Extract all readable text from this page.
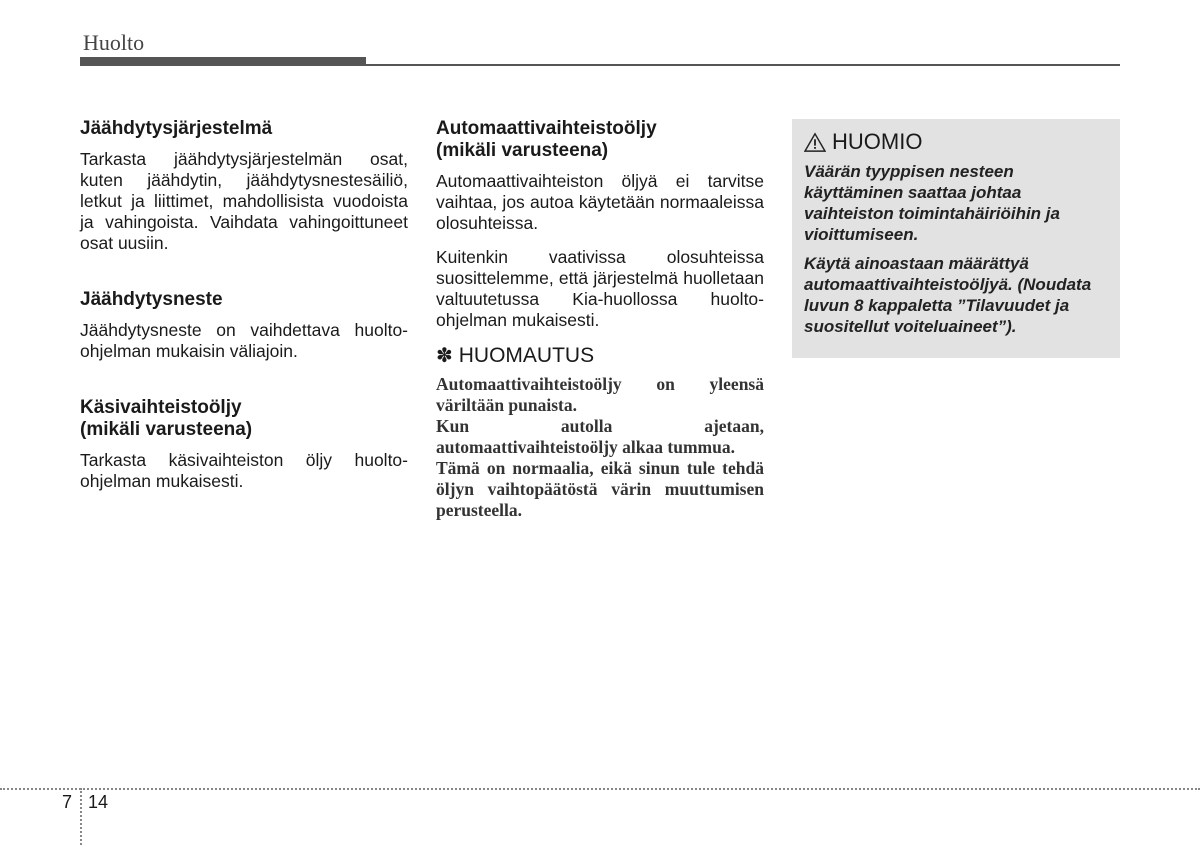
Huolto
Jäähdytysjärjestelmä

Tarkasta jäähdytysjärjestelmän osat, kuten jäähdytin, jäähdytysnestesäiliö, letkut ja liittimet, mahdollisista vuodoista ja vahingoista. Vaihdata vahingoittuneet osat uusiin.

Jäähdytysneste

Jäähdytysneste on vaihdettava huolto-ohjelman mukaisin väliajoin.

Käsivaihteistoöljy (mikäli varusteena)

Tarkasta käsivaihteiston öljy huolto-ohjelman mukaisesti.

Automaattivaihteistoöljy (mikäli varusteena)

Automaattivaihteiston öljyä ei tarvitse vaihtaa, jos autoa käytetään normaaleissa olosuhteissa.

Kuitenkin vaativissa olosuhteissa suosittelemme, että järjestelmä huolletaan valtuutetussa Kia-huollossa huolto-ohjelman mukaisesti.

✽ HUOMAUTUS

Automaattivaihteistoöljy on yleensä väriltään punaista.

Kun autolla ajetaan, automaattivaihteistoöljy alkaa tummua.

Tämä on normaalia, eikä sinun tule tehdä öljyn vaihtopäätöstä värin muuttumisen perusteella.

HUOMIO

Väärän tyyppisen nesteen käyttäminen saattaa johtaa vaihteiston toimintahäiriöihin ja vioittumiseen.

Käytä ainoastaan määrättyä automaattivaihteistoöljyä. (Noudata luvun 8 kappaletta ”Tilavuudet ja suositellut voiteluaineet”).

7 14
